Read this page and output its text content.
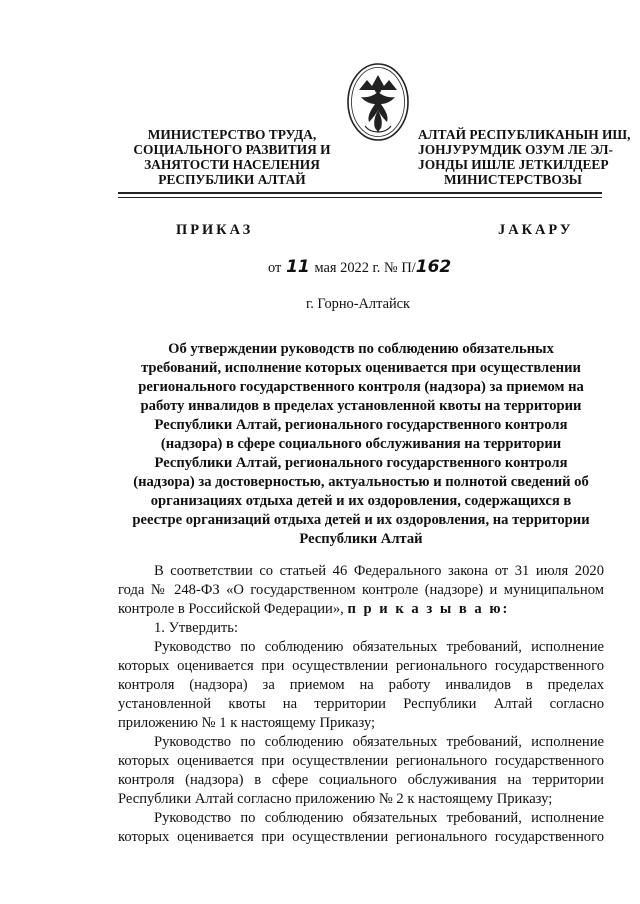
МИНИСТЕРСТВО ТРУДА,
СОЦИАЛЬНОГО РАЗВИТИЯ И
ЗАНЯТОСТИ НАСЕЛЕНИЯ
РЕСПУБЛИКИ АЛТАЙ
АЛТАЙ РЕСПУБЛИКАНЫН ИШ,
ЈОНЈУРУМДИК ОЗУМ ЛЕ ЭЛ-
ЈОНДЫ ИШЛЕ ЈЕТКИЛДЕЕР
МИНИСТЕРСТВОЗЫ
ПРИКАЗ	ЈАКАРУ
от 11 мая 2022 г. № П/162
г. Горно-Алтайск
Об утверждении руководств по соблюдению обязательных
требований, исполнение которых оценивается при осуществлении
регионального государственного контроля (надзора) за приемом на
работу инвалидов в пределах установленной квоты на территории
Республики Алтай, регионального государственного контроля
(надзора) в сфере социального обслуживания на территории
Республики Алтай, регионального государственного контроля
(надзора) за достоверностью, актуальностью и полнотой сведений об
организациях отдыха детей и их оздоровления, содержащихся в
реестре организаций отдыха детей и их оздоровления, на территории
Республики Алтай
В соответствии со статьей 46 Федерального закона от 31 июля 2020
года № 248-ФЗ «О государственном контроле (надзоре) и муниципальном
контроле в Российской Федерации», п р и к а з ы в а ю:
1. Утвердить:
Руководство по соблюдению обязательных требований, исполнение
которых оценивается при осуществлении регионального государственного
контроля (надзора) за приемом на работу инвалидов в пределах
установленной квоты на территории Республики Алтай согласно
приложению № 1 к настоящему Приказу;
Руководство по соблюдению обязательных требований, исполнение
которых оценивается при осуществлении регионального государственного
контроля (надзора) в сфере социального обслуживания на территории
Республики Алтай согласно приложению № 2 к настоящему Приказу;
Руководство по соблюдению обязательных требований, исполнение
которых оценивается при осуществлении регионального государственного
